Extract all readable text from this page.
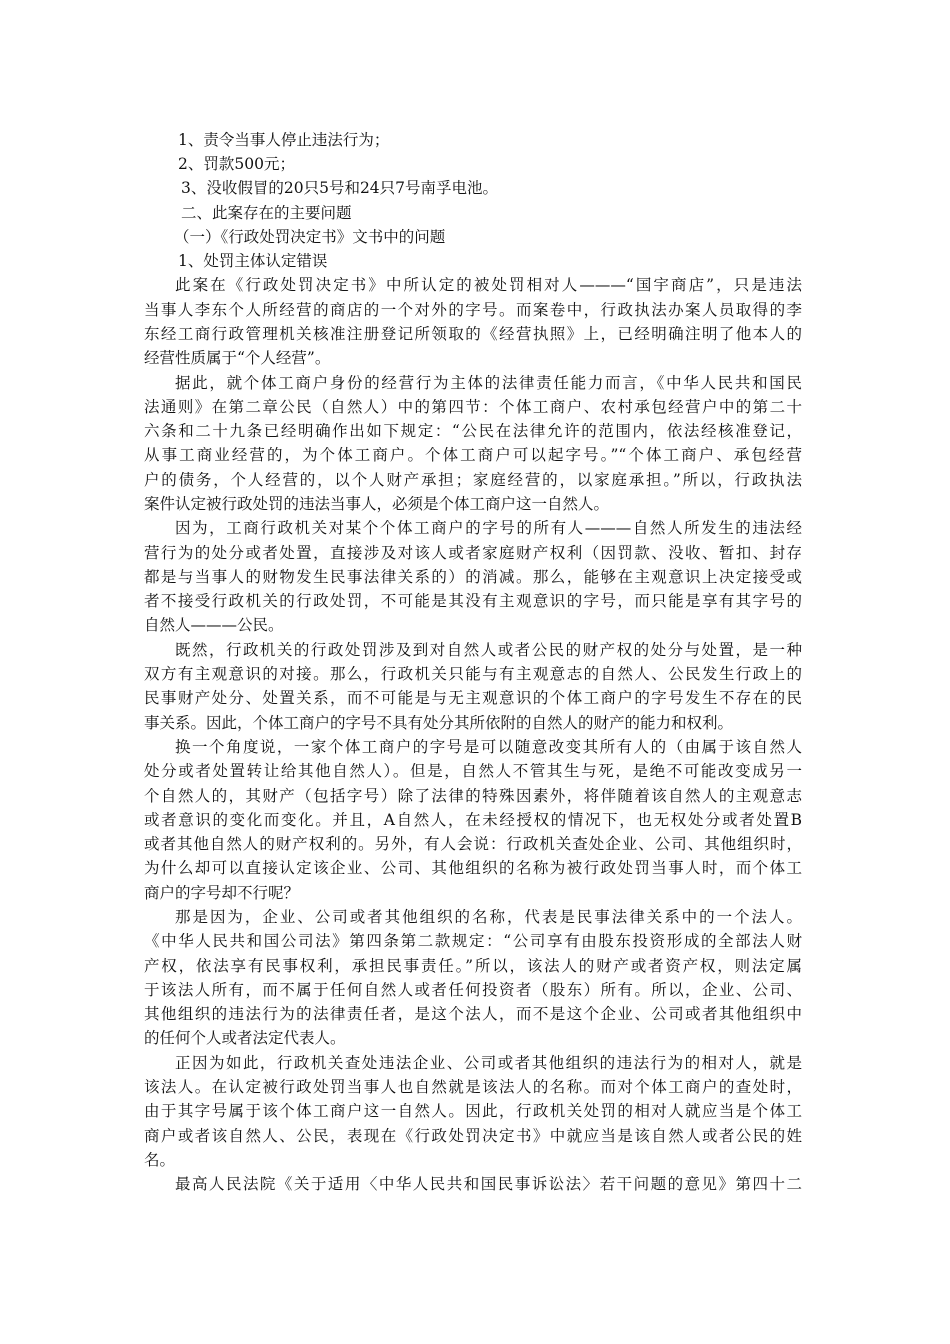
1、责令当事人停止违法行为；
2、罚款500元；
3、没收假冒的20只5号和24只7号南孚电池。
二、此案存在的主要问题
（一）《行政处罚决定书》文书中的问题
1、处罚主体认定错误
此案在《行政处罚决定书》中所认定的被处罚相对人———“国宇商店”，只是违法
当事人李东个人所经营的商店的一个对外的字号。而案卷中，行政执法办案人员取得的李
东经工商行政管理机关核准注册登记所领取的《经营执照》上，已经明确注明了他本人的
经营性质属于“个人经营”。
据此，就个体工商户身份的经营行为主体的法律责任能力而言，《中华人民共和国民
法通则》在第二章公民（自然人）中的第四节：个体工商户、农村承包经营户中的第二十
六条和二十九条已经明确作出如下规定：“公民在法律允许的范围内，依法经核准登记，
从事工商业经营的，为个体工商户。个体工商户可以起字号。”“个体工商户、承包经营
户的债务，个人经营的，以个人财产承担；家庭经营的，以家庭承担。”所以，行政执法
案件认定被行政处罚的违法当事人，必须是个体工商户这一自然人。
因为，工商行政机关对某个个体工商户的字号的所有人———自然人所发生的违法经
营行为的处分或者处置，直接涉及对该人或者家庭财产权利（因罚款、没收、暂扣、封存
都是与当事人的财物发生民事法律关系的）的消减。那么，能够在主观意识上决定接受或
者不接受行政机关的行政处罚，不可能是其没有主观意识的字号，而只能是享有其字号的
自然人———公民。
既然，行政机关的行政处罚涉及到对自然人或者公民的财产权的处分与处置，是一种
双方有主观意识的对接。那么，行政机关只能与有主观意志的自然人、公民发生行政上的
民事财产处分、处置关系，而不可能是与无主观意识的个体工商户的字号发生不存在的民
事关系。因此，个体工商户的字号不具有处分其所依附的自然人的财产的能力和权利。
换一个角度说，一家个体工商户的字号是可以随意改变其所有人的（由属于该自然人
处分或者处置转让给其他自然人）。但是，自然人不管其生与死，是绝不可能改变成另一
个自然人的，其财产（包括字号）除了法律的特殊因素外，将伴随着该自然人的主观意志
或者意识的变化而变化。并且，A自然人，在未经授权的情况下，也无权处分或者处置B
或者其他自然人的财产权利的。另外，有人会说：行政机关查处企业、公司、其他组织时，
为什么却可以直接认定该企业、公司、其他组织的名称为被行政处罚当事人时，而个体工
商户的字号却不行呢？
那是因为，企业、公司或者其他组织的名称，代表是民事法律关系中的一个法人。
《中华人民共和国公司法》第四条第二款规定：“公司享有由股东投资形成的全部法人财
产权，依法享有民事权利，承担民事责任。”所以，该法人的财产或者资产权，则法定属
于该法人所有，而不属于任何自然人或者任何投资者（股东）所有。所以，企业、公司、
其他组织的违法行为的法律责任者，是这个法人，而不是这个企业、公司或者其他组织中
的任何个人或者法定代表人。
正因为如此，行政机关查处违法企业、公司或者其他组织的违法行为的相对人，就是
该法人。在认定被行政处罚当事人也自然就是该法人的名称。而对个体工商户的查处时，
由于其字号属于该个体工商户这一自然人。因此，行政机关处罚的相对人就应当是个体工
商户或者该自然人、公民，表现在《行政处罚决定书》中就应当是该自然人或者公民的姓
名。
最高人民法院《关于适用〈中华人民共和国民事诉讼法〉若干问题的意见》第四十二
